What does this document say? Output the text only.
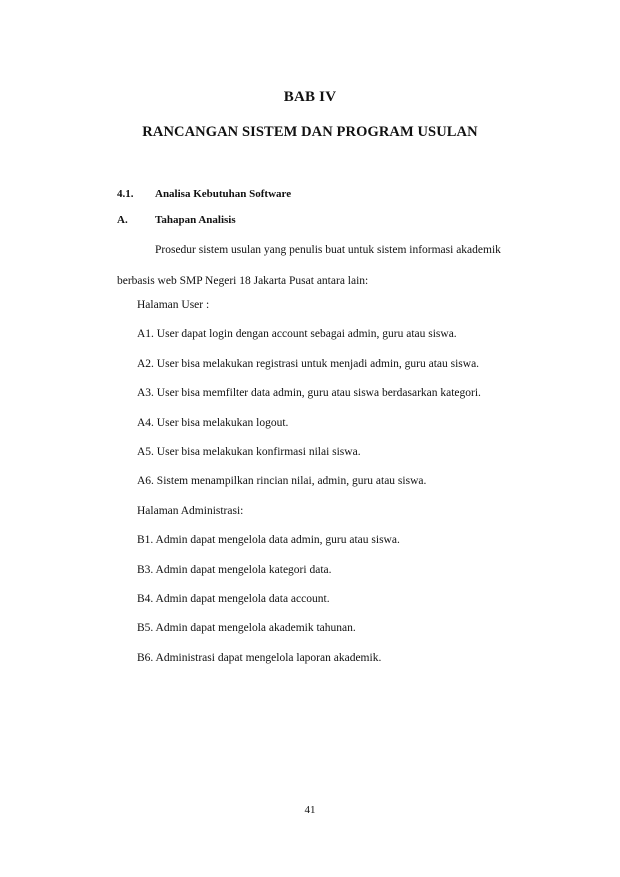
BAB IV
RANCANGAN SISTEM DAN PROGRAM USULAN
4.1. Analisa Kebutuhan Software
A. Tahapan Analisis
Prosedur sistem usulan yang penulis buat untuk sistem informasi akademik
berbasis web SMP Negeri 18 Jakarta Pusat antara lain:
Halaman User :
A1. User dapat login dengan account sebagai admin, guru atau siswa.
A2. User bisa melakukan registrasi untuk menjadi admin, guru atau siswa.
A3. User bisa memfilter data admin, guru atau siswa berdasarkan kategori.
A4. User bisa melakukan logout.
A5. User bisa melakukan konfirmasi nilai siswa.
A6. Sistem menampilkan rincian nilai, admin, guru atau siswa.
Halaman Administrasi:
B1. Admin dapat mengelola data admin, guru atau siswa.
B3. Admin dapat mengelola kategori data.
B4. Admin dapat mengelola data account.
B5. Admin dapat mengelola akademik tahunan.
B6. Administrasi dapat mengelola laporan akademik.
41
